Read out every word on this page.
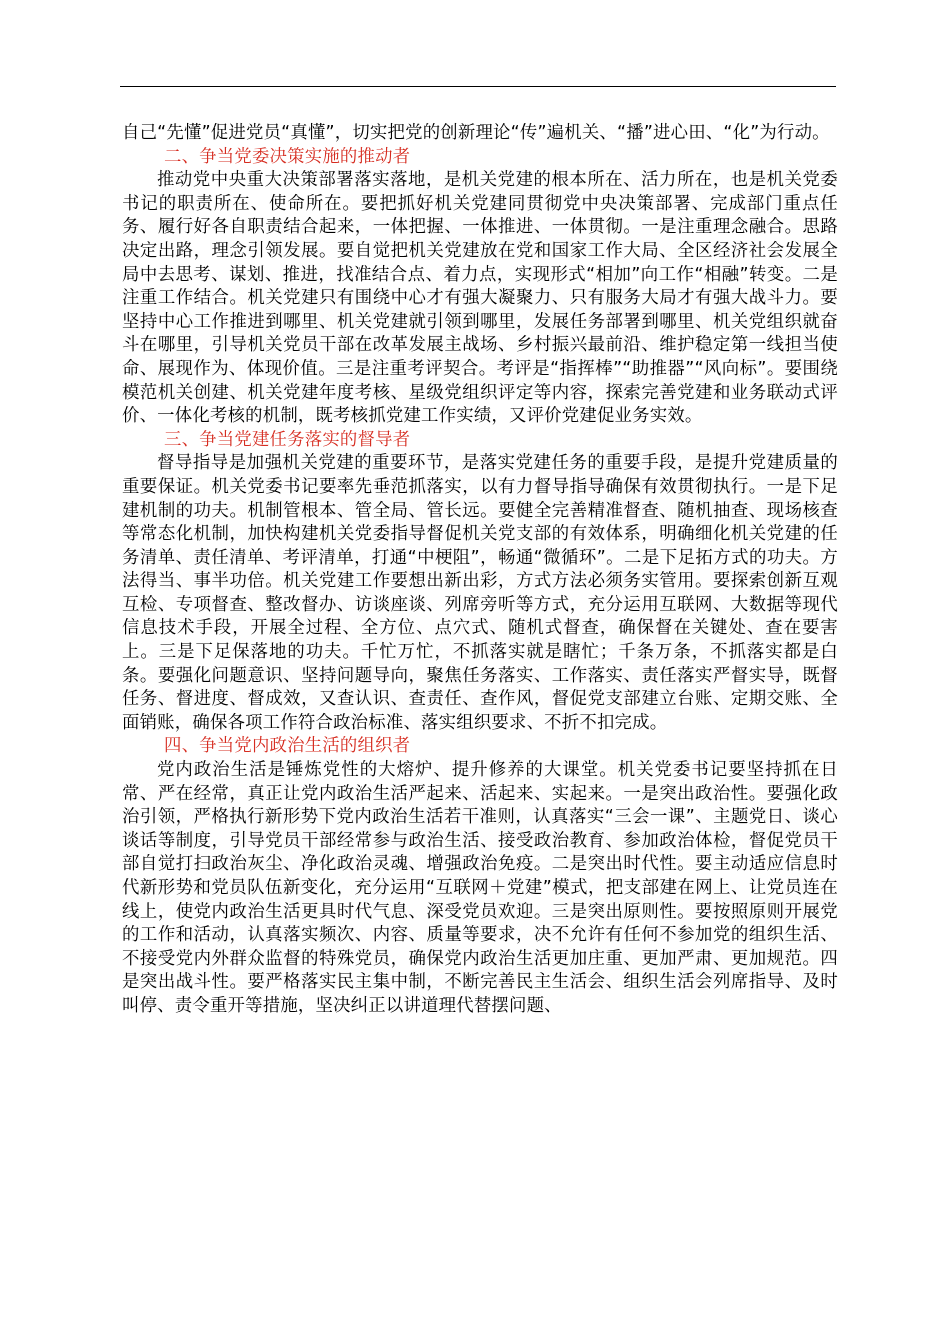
自己“先懂”促进党员“真懂”，切实把党的创新理论“传”遍机关、“播”进心田、“化”为行动。

二、争当党委决策实施的推动者

推动党中央重大决策部署落实落地，是机关党建的根本所在、活力所在，也是机关党委书记的职责所在、使命所在。要把抓好机关党建同贯彻党中央决策部署、完成部门重点任务、履行好各自职责结合起来，一体把握、一体推进、一体贯彻。一是注重理念融合。思路决定出路，理念引领发展。要自觉把机关党建放在党和国家工作大局、全区经济社会发展全局中去思考、谋划、推进，找准结合点、着力点，实现形式“相加”向工作“相融”转变。二是注重工作结合。机关党建只有围绕中心才有强大凝聚力、只有服务大局才有强大战斗力。要坚持中心工作推进到哪里、机关党建就引领到哪里，发展任务部署到哪里、机关党组织就奋斗在哪里，引导机关党员干部在改革发展主战场、乡村振兴最前沿、维护稳定第一线担当使命、展现作为、体现价值。三是注重考评契合。考评是“指挥棒”“助推器”“风向标”。要围绕模范机关创建、机关党建年度考核、星级党组织评定等内容，探索完善党建和业务联动式评价、一体化考核的机制，既考核抓党建工作实绩，又评价党建促业务实效。

三、争当党建任务落实的督导者

督导指导是加强机关党建的重要环节，是落实党建任务的重要手段，是提升党建质量的重要保证。机关党委书记要率先垂范抓落实，以有力督导指导确保有效贯彻执行。一是下足建机制的功夫。机制管根本、管全局、管长远。要健全完善精准督查、随机抽查、现场核查等常态化机制，加快构建机关党委指导督促机关党支部的有效体系，明确细化机关党建的任务清单、责任清单、考评清单，打通“中梗阻”，畅通“微循环”。二是下足拓方式的功夫。方法得当、事半功倍。机关党建工作要想出新出彩，方式方法必须务实管用。要探索创新互观互检、专项督查、整改督办、访谈座谈、列席旁听等方式，充分运用互联网、大数据等现代信息技术手段，开展全过程、全方位、点穴式、随机式督查，确保督在关键处、查在要害上。三是下足保落地的功夫。千忙万忙，不抓落实就是瞎忙；千条万条，不抓落实都是白条。要强化问题意识、坚持问题导向，聚焦任务落实、工作落实、责任落实严督实导，既督任务、督进度、督成效，又查认识、查责任、查作风，督促党支部建立台账、定期交账、全面销账，确保各项工作符合政治标准、落实组织要求、不折不扣完成。

四、争当党内政治生活的组织者

党内政治生活是锤炼党性的大熔炉、提升修养的大课堂。机关党委书记要坚持抓在日常、严在经常，真正让党内政治生活严起来、活起来、实起来。一是突出政治性。要强化政治引领，严格执行新形势下党内政治生活若干准则，认真落实“三会一课”、主题党日、谈心谈话等制度，引导党员干部经常参与政治生活、接受政治教育、参加政治体检，督促党员干部自觉打扫政治灰尘、净化政治灵魂、增强政治免疫。二是突出时代性。要主动适应信息时代新形势和党员队伍新变化，充分运用“互联网＋党建”模式，把支部建在网上、让党员连在线上，使党内政治生活更具时代气息、深受党员欢迎。三是突出原则性。要按照原则开展党的工作和活动，认真落实频次、内容、质量等要求，决不允许有任何不参加党的组织生活、不接受党内外群众监督的特殊党员，确保党内政治生活更加庄重、更加严肃、更加规范。四是突出战斗性。要严格落实民主集中制，不断完善民主生活会、组织生活会列席指导、及时叫停、责令重开等措施，坚决纠正以讲道理代替摆问题、
